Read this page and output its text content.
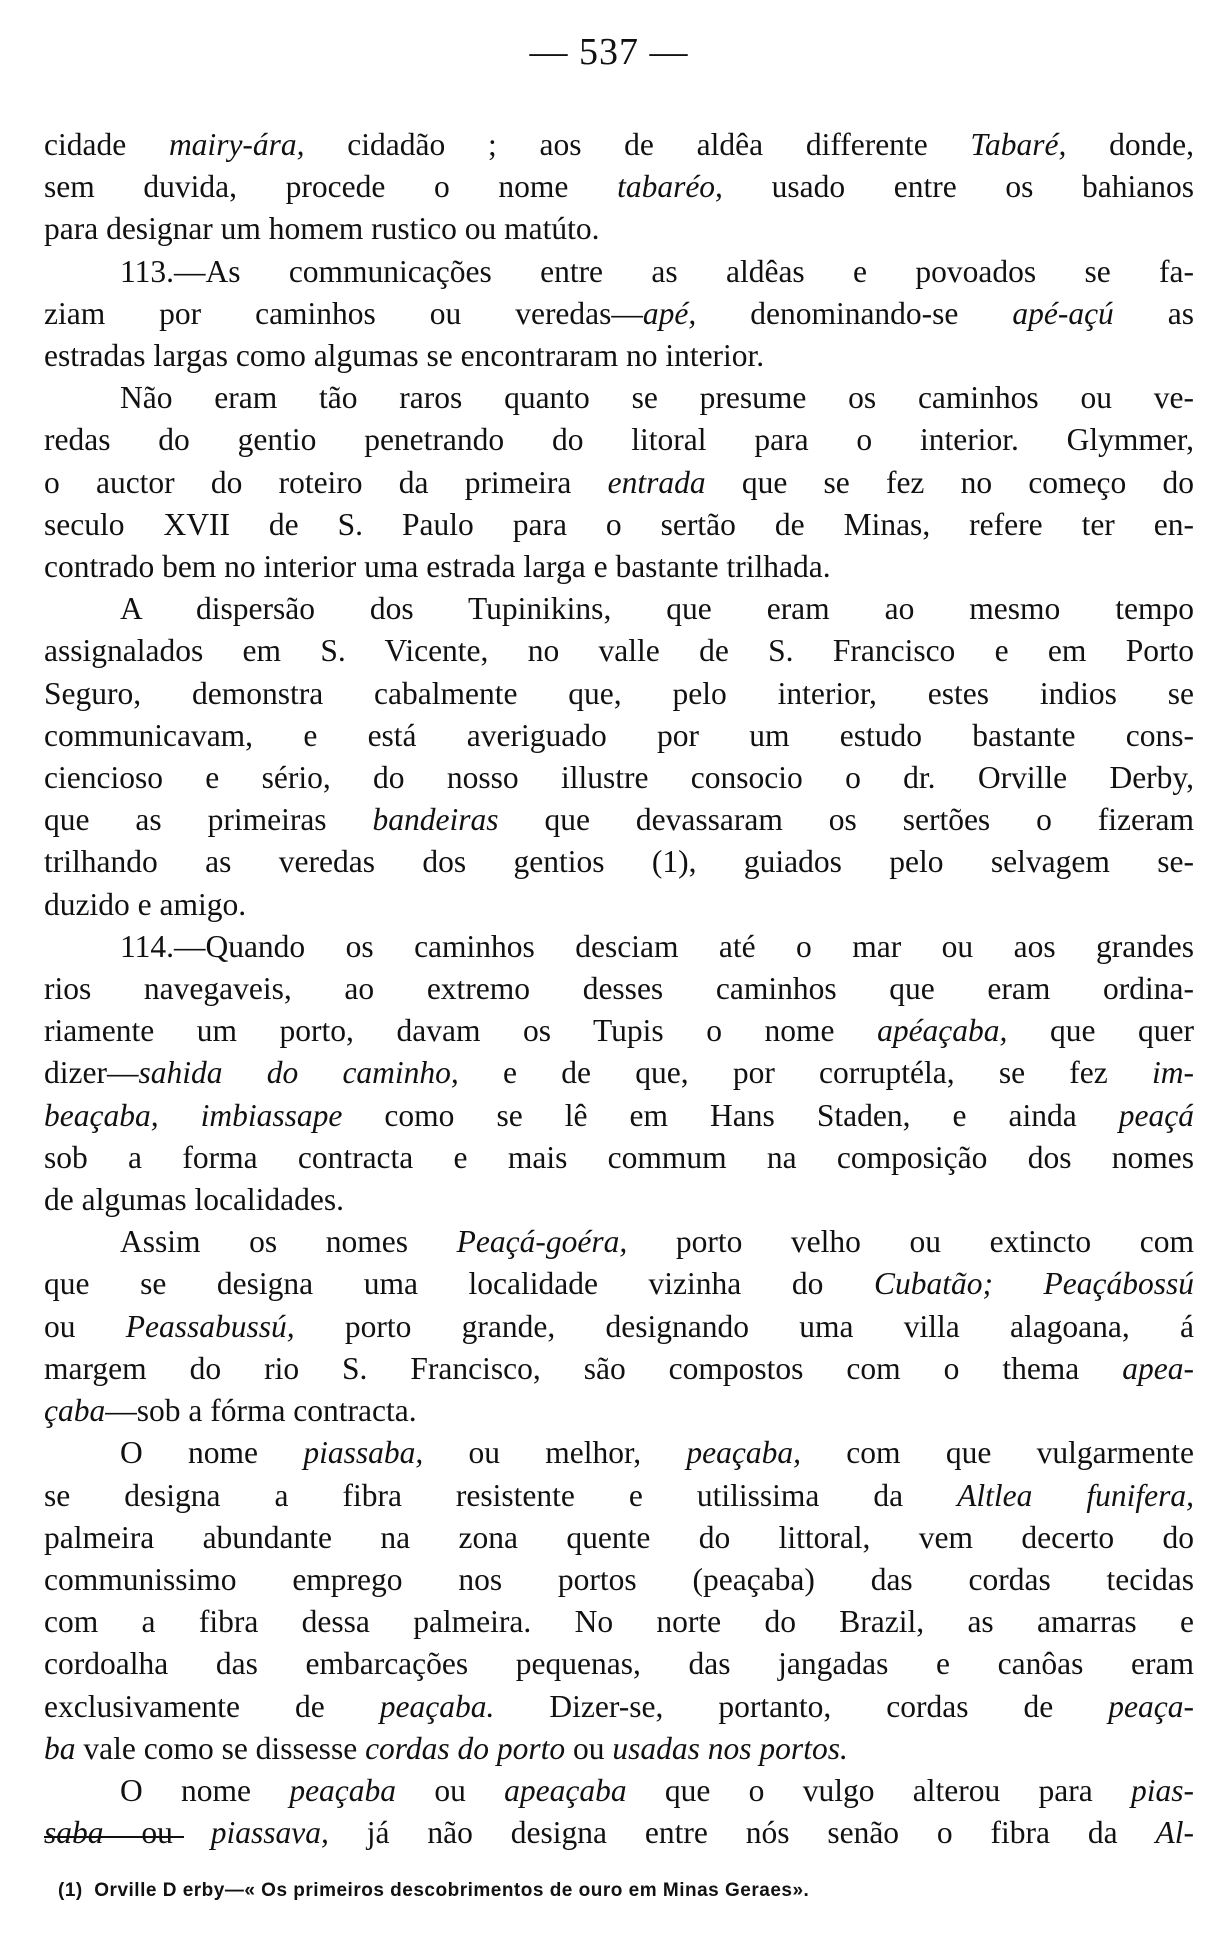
— 537 —
cidade mairy-ára, cidadão ; aos de aldêa differente Tabaré, donde,
sem duvida, procede o nome tabaréo, usado entre os bahianos
para designar um homem rustico ou matúto.
113.—As communicações entre as aldêas e povoados se fa-
ziam por caminhos ou veredas—apé, denominando-se apé-açú as
estradas largas como algumas se encontraram no interior.
Não eram tão raros quanto se presume os caminhos ou ve-
redas do gentio penetrando do litoral para o interior. Glymmer,
o auctor do roteiro da primeira entrada que se fez no começo do
seculo XVII de S. Paulo para o sertão de Minas, refere ter en-
contrado bem no interior uma estrada larga e bastante trilhada.
A dispersão dos Tupinikins, que eram ao mesmo tempo
assignalados em S. Vicente, no valle de S. Francisco e em Porto
Seguro, demonstra cabalmente que, pelo interior, estes indios se
communicavam, e está averiguado por um estudo bastante cons-
ciencioso e sério, do nosso illustre consocio o dr. Orville Derby,
que as primeiras bandeiras que devassaram os sertões o fizeram
trilhando as veredas dos gentios (1), guiados pelo selvagem se-
duzido e amigo.
114.—Quando os caminhos desciam até o mar ou aos grandes
rios navegaveis, ao extremo desses caminhos que eram ordina-
riamente um porto, davam os Tupis o nome apéaçaba, que quer
dizer—sahida do caminho, e de que, por corruptéla, se fez im-
beaçaba, imbiassape como se lê em Hans Staden, e ainda peaçá
sob a forma contracta e mais commum na composição dos nomes
de algumas localidades.
Assim os nomes Peaçá-goéra, porto velho ou extincto com
que se designa uma localidade vizinha do Cubatão; Peaçábossú
ou Peassabussú, porto grande, designando uma villa alagoana, á
margem do rio S. Francisco, são compostos com o thema apea-
çaba—sob a fórma contracta.
O nome piassaba, ou melhor, peaçaba, com que vulgarmente
se designa a fibra resistente e utilissima da Altlea funifera,
palmeira abundante na zona quente do littoral, vem decerto do
communissimo emprego nos portos (peaçaba) das cordas tecidas
com a fibra dessa palmeira. No norte do Brazil, as amarras e
cordoalha das embarcações pequenas, das jangadas e canôas eram
exclusivamente de peaçaba. Dizer-se, portanto, cordas de peaça-
ba vale como se dissesse cordas do porto ou usadas nos portos.
O nome peaçaba ou apeaçaba que o vulgo alterou para pias-
saba ou piassava, já não designa entre nós senão o fibra da Al-
(1)  Orville D erby—« Os primeiros descobrimentos de ouro em Minas Geraes».
